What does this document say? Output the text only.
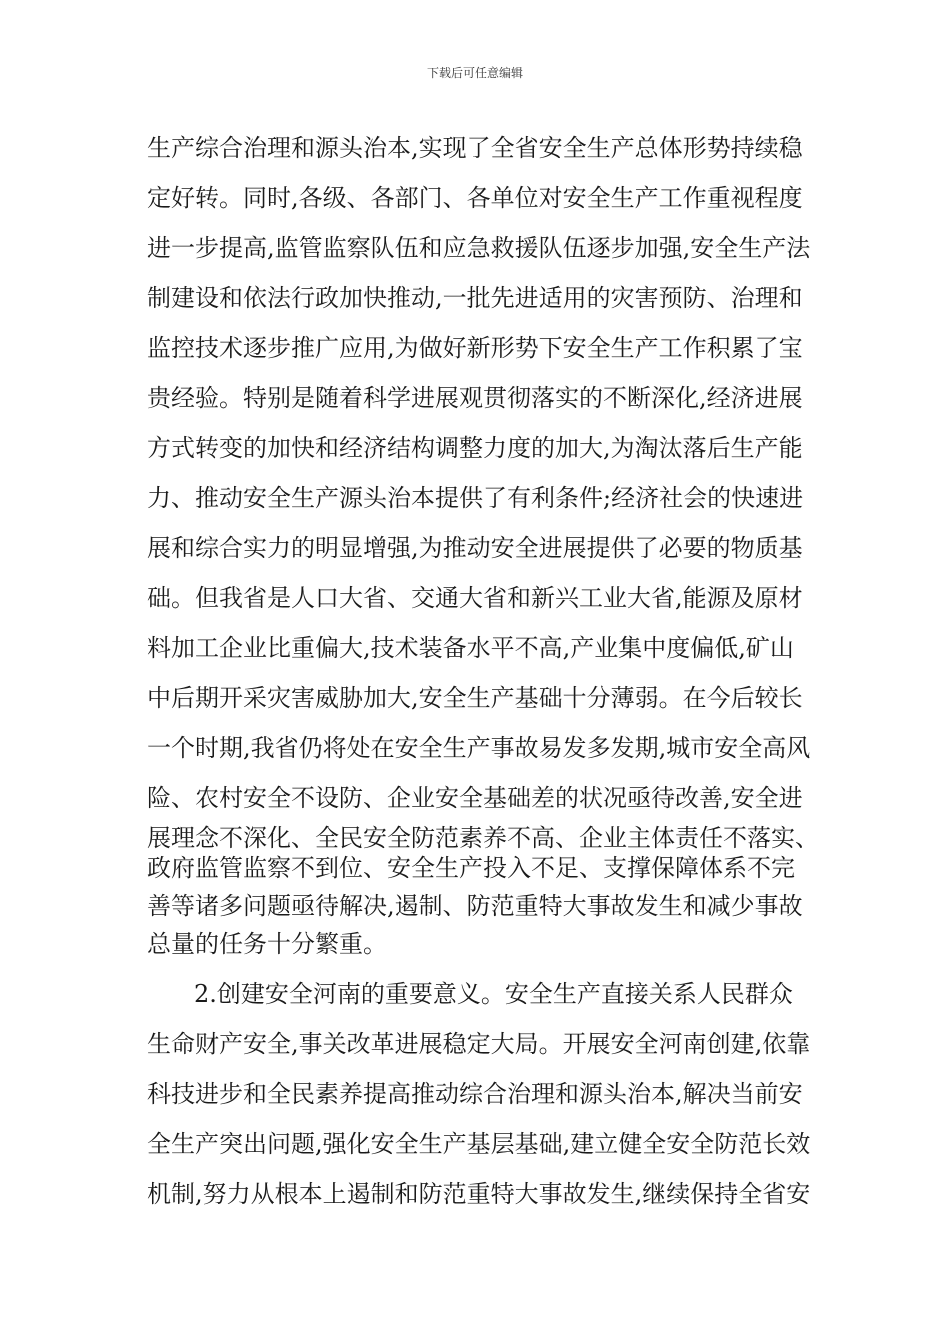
下载后可任意编辑
生产综合治理和源头治本,实现了全省安全生产总体形势持续稳
定好转。同时,各级、各部门、各单位对安全生产工作重视程度
进一步提高,监管监察队伍和应急救援队伍逐步加强,安全生产法
制建设和依法行政加快推动,一批先进适用的灾害预防、治理和
监控技术逐步推广应用,为做好新形势下安全生产工作积累了宝
贵经验。特别是随着科学进展观贯彻落实的不断深化,经济进展
方式转变的加快和经济结构调整力度的加大,为淘汰落后生产能
力、推动安全生产源头治本提供了有利条件;经济社会的快速进
展和综合实力的明显增强,为推动安全进展提供了必要的物质基
础。但我省是人口大省、交通大省和新兴工业大省,能源及原材
料加工企业比重偏大,技术装备水平不高,产业集中度偏低,矿山
中后期开采灾害威胁加大,安全生产基础十分薄弱。在今后较长
一个时期,我省仍将处在安全生产事故易发多发期,城市安全高风
险、农村安全不设防、企业安全基础差的状况亟待改善,安全进
展理念不深化、全民安全防范素养不高、企业主体责任不落实、
政府监管监察不到位、安全生产投入不足、支撑保障体系不完
善等诸多问题亟待解决,遏制、防范重特大事故发生和减少事故
总量的任务十分繁重。
2.创建安全河南的重要意义。安全生产直接关系人民群众
生命财产安全,事关改革进展稳定大局。开展安全河南创建,依靠
科技进步和全民素养提高推动综合治理和源头治本,解决当前安
全生产突出问题,强化安全生产基层基础,建立健全安全防范长效
机制,努力从根本上遏制和防范重特大事故发生,继续保持全省安
